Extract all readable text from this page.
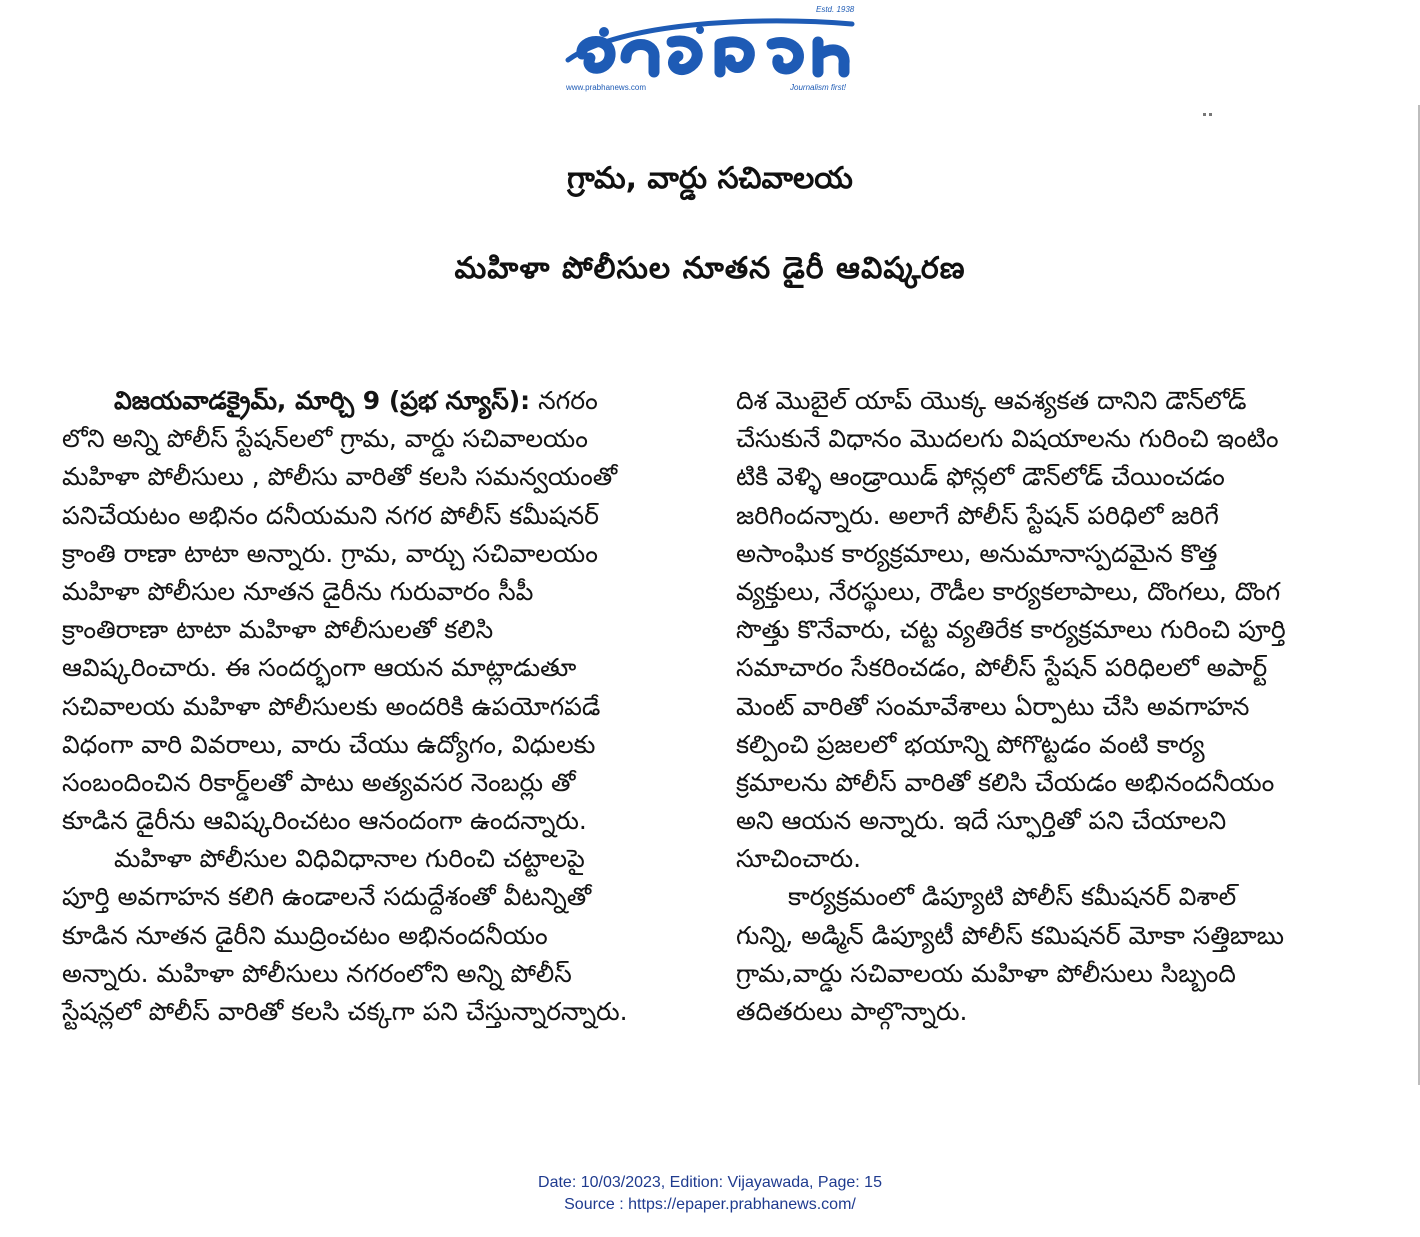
www.prabhanews.com	Journalism first!
Estd. 1938
గ్రామ, వార్డు సచివాలయ
మహిళా పోలీసుల నూతన డైరీ ఆవిష్కరణ
విజయవాడక్రైమ్, మార్చి 9 (ప్రభ న్యూస్): నగరం
లోని అన్ని పోలీస్ స్టేషన్‌లలో గ్రామ, వార్డు సచివాలయం
మహిళా పోలీసులు , పోలీసు వారితో కలసి సమన్వయంతో
పనిచేయటం అభినం దనీయమని నగర పోలీస్ కమీషనర్
క్రాంతి రాణా టాటా అన్నారు. గ్రామ, వార్చు సచివాలయం
మహిళా పోలీసుల నూతన డైరీను గురువారం సీపీ
క్రాంతిరాణా టాటా మహిళా పోలీసులతో కలిసి
ఆవిష్కరించారు. ఈ సందర్భంగా ఆయన మాట్లాడుతూ
సచివాలయ మహిళా పోలీసులకు అందరికి ఉపయోగపడే
విధంగా వారి వివరాలు, వారు చేయు ఉద్యోగం, విధులకు
సంబందించిన రికార్డ్‌లతో పాటు అత్యవసర నెంబర్లు తో
కూడిన డైరీను ఆవిష్కరించటం ఆనందంగా ఉందన్నారు.
మహిళా పోలీసుల విధివిధానాల గురించి చట్టాలపై
పూర్తి అవగాహన కలిగి ఉండాలనే సదుద్దేశంతో వీటన్నితో
కూడిన నూతన డైరీని ముద్రించటం అభినందనీయం
అన్నారు. మహిళా పోలీసులు నగరంలోని అన్ని పోలీస్
స్టేషన్లలో పోలీస్ వారితో కలసి చక్కగా పని చేస్తున్నారన్నారు.
దిశ మొబైల్ యాప్ యొక్క ఆవశ్యకత దానిని డౌన్‌లోడ్
చేసుకునే విధానం మొదలగు విషయాలను గురించి ఇంటిం
టికి వెళ్ళి ఆండ్రాయిడ్ ఫోన్లలో డౌన్‌లోడ్ చేయించడం
జరిగిందన్నారు. అలాగే పోలీస్ స్టేషన్ పరిధిలో జరిగే
అసాంఘిక కార్యక్రమాలు, అనుమానాస్పదమైన కొత్త
వ్యక్తులు, నేరస్థులు, రౌడీల కార్యకలాపాలు, దొంగలు, దొంగ
సొత్తు కొనేవారు, చట్ట వ్యతిరేక కార్యక్రమాలు గురించి పూర్తి
సమాచారం సేకరించడం, పోలీస్ స్టేషన్ పరిధిలలో అపార్ట్
మెంట్ వారితో సంమావేశాలు ఏర్పాటు చేసి అవగాహన
కల్పించి ప్రజలలో భయాన్ని పోగొట్టడం వంటి కార్య
క్రమాలను పోలీస్ వారితో కలిసి చేయడం అభినందనీయం
అని ఆయన అన్నారు. ఇదే స్ఫూర్తితో పని చేయాలని
సూచించారు.
కార్యక్రమంలో డిప్యూటి పోలీస్ కమీషనర్ విశాల్
గున్ని, అడ్మిన్ డిప్యూటీ పోలీస్ కమిషనర్ మోకా సత్తిబాబు
గ్రామ,వార్డు సచివాలయ మహిళా పోలీసులు సిబ్బంది
తదితరులు పాల్గొన్నారు.
Date: 10/03/2023, Edition: Vijayawada, Page: 15
Source : https://epaper.prabhanews.com/
